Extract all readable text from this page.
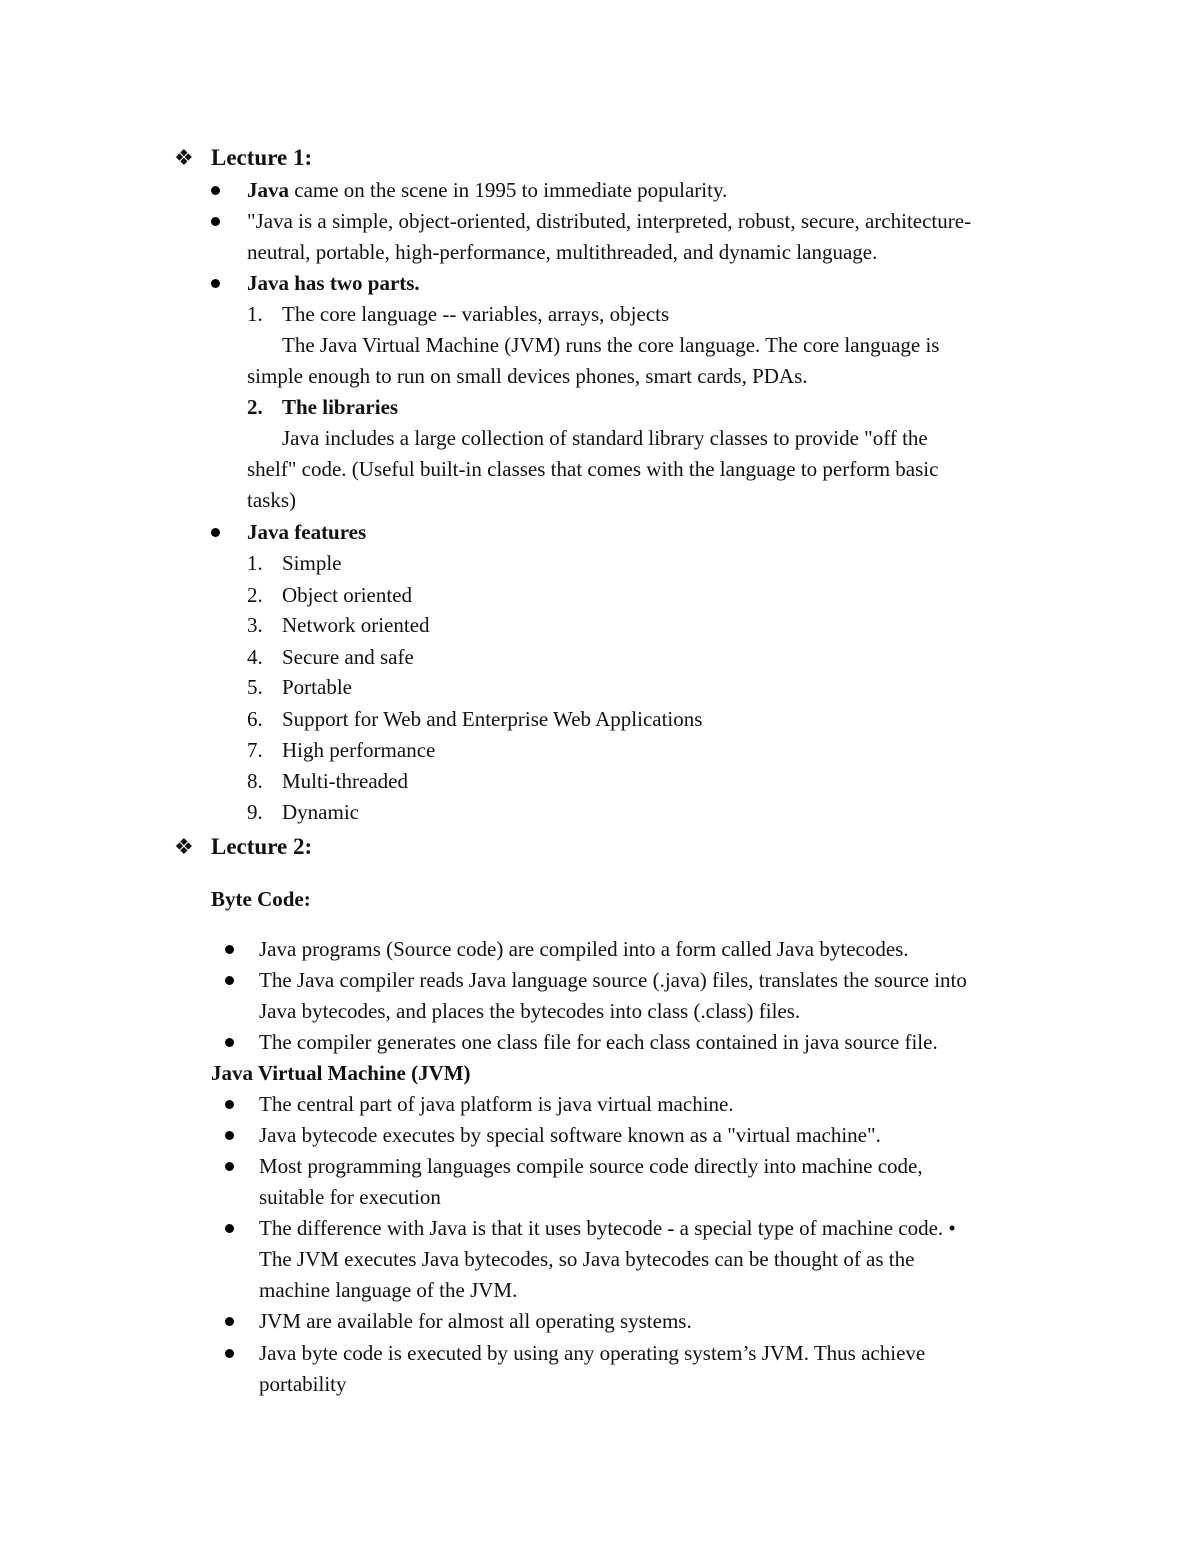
❖ Lecture 1:
Java came on the scene in 1995 to immediate popularity.
"Java is a simple, object-oriented, distributed, interpreted, robust, secure, architecture-
neutral, portable, high-performance, multithreaded, and dynamic language.
Java has two parts.
1. The core language -- variables, arrays, objects
The Java Virtual Machine (JVM) runs the core language. The core language is
simple enough to run on small devices phones, smart cards, PDAs.
2. The libraries
Java includes a large collection of standard library classes to provide "off the
shelf" code. (Useful built-in classes that comes with the language to perform basic
tasks)
Java features
1. Simple
2. Object oriented
3. Network oriented
4. Secure and safe
5. Portable
6. Support for Web and Enterprise Web Applications
7. High performance
8. Multi-threaded
9. Dynamic
❖ Lecture 2:
Byte Code:
Java programs (Source code) are compiled into a form called Java bytecodes.
The Java compiler reads Java language source (.java) files, translates the source into
Java bytecodes, and places the bytecodes into class (.class) files.
The compiler generates one class file for each class contained in java source file.
Java Virtual Machine (JVM)
The central part of java platform is java virtual machine.
Java bytecode executes by special software known as a "virtual machine".
Most programming languages compile source code directly into machine code,
suitable for execution
The difference with Java is that it uses bytecode - a special type of machine code. •
The JVM executes Java bytecodes, so Java bytecodes can be thought of as the
machine language of the JVM.
JVM are available for almost all operating systems.
Java byte code is executed by using any operating system’s JVM. Thus achieve
portability
